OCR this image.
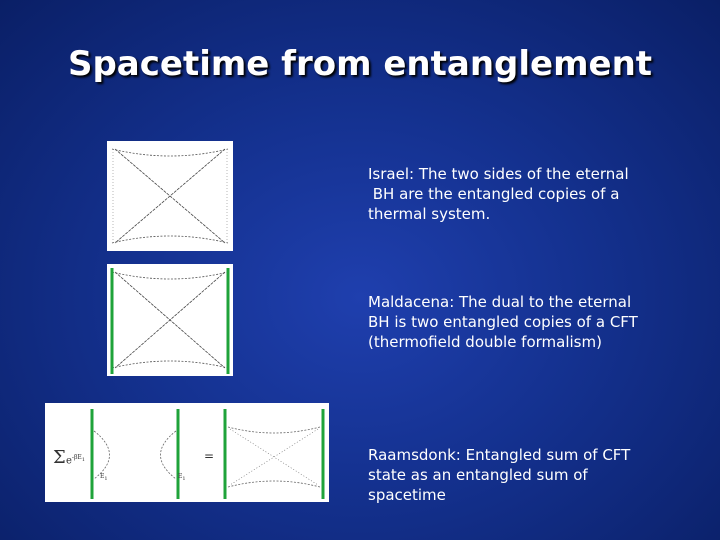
Spacetime from entanglement
Σ $e^{-\beta E_1}$
$E_1$	$E_1$
=
Israel: The two sides of the eternal
BH are the entangled copies of a
thermal system.
Maldacena: The dual to the eternal
BH is two entangled copies of a CFT
(thermofield double formalism)
Raamsdonk: Entangled sum of CFT
state as an entangled sum of
spacetime
